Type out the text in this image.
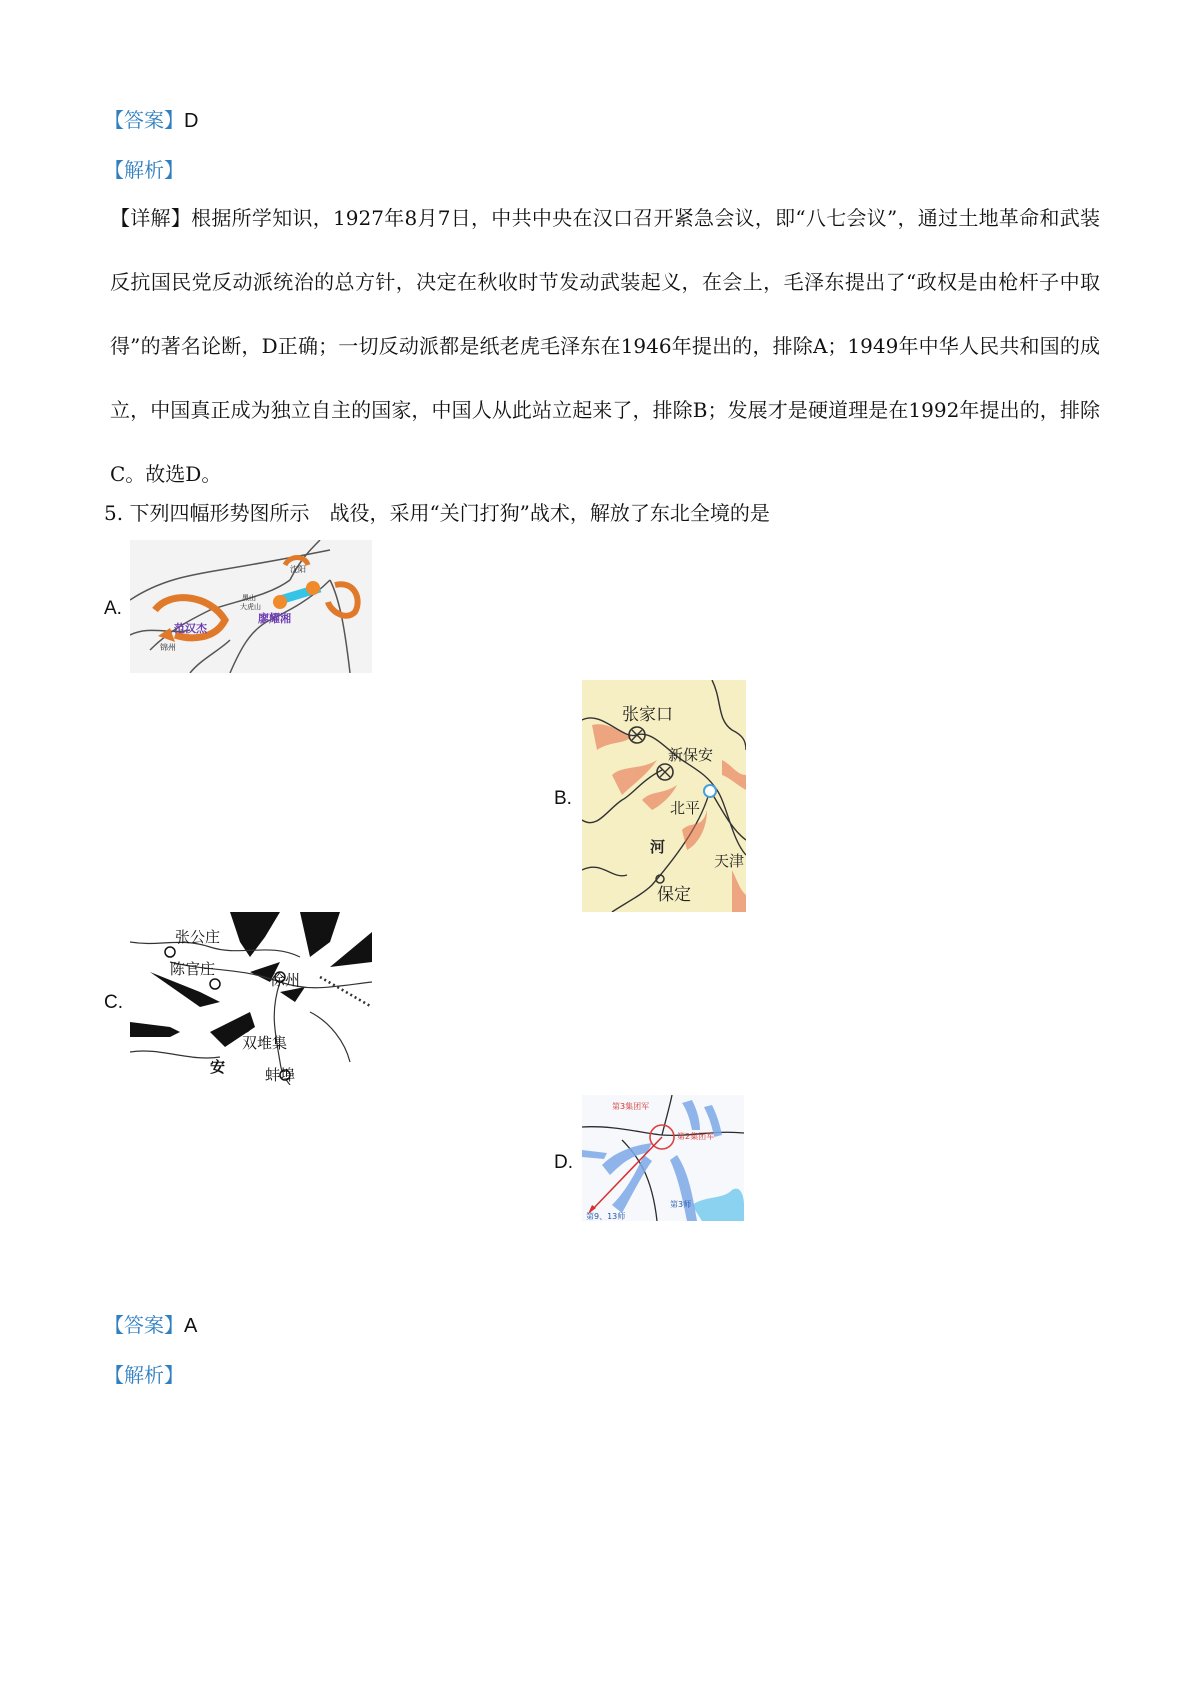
【答案】D
【解析】
【详解】根据所学知识，1927年8月7日，中共中央在汉口召开紧急会议，即“八七会议”，通过土地革命和武装反抗国民党反动派统治的总方针，决定在秋收时节发动武装起义，在会上，毛泽东提出了“政权是由枪杆子中取得”的著名论断，D正确；一切反动派都是纸老虎毛泽东在1946年提出的，排除A；1949年中华人民共和国的成立，中国真正成为独立自主的国家，中国人从此站立起来了，排除B；发展才是硬道理是在1992年提出的，排除C。故选D。
5. 下列四幅形势图所示　战役，采用“关门打狗”战术，解放了东北全境的是
A.
沈阳
黑山
大虎山
锦州
范汉杰
廖耀湘
B.
张家口
新保安
北平
河
天津
保定
C.
张公庄
陈官庄
徐州
双堆集
蚌埠
安
D.
第3集团军
第2集团军
第9、13师
第3师
【答案】A
【解析】
